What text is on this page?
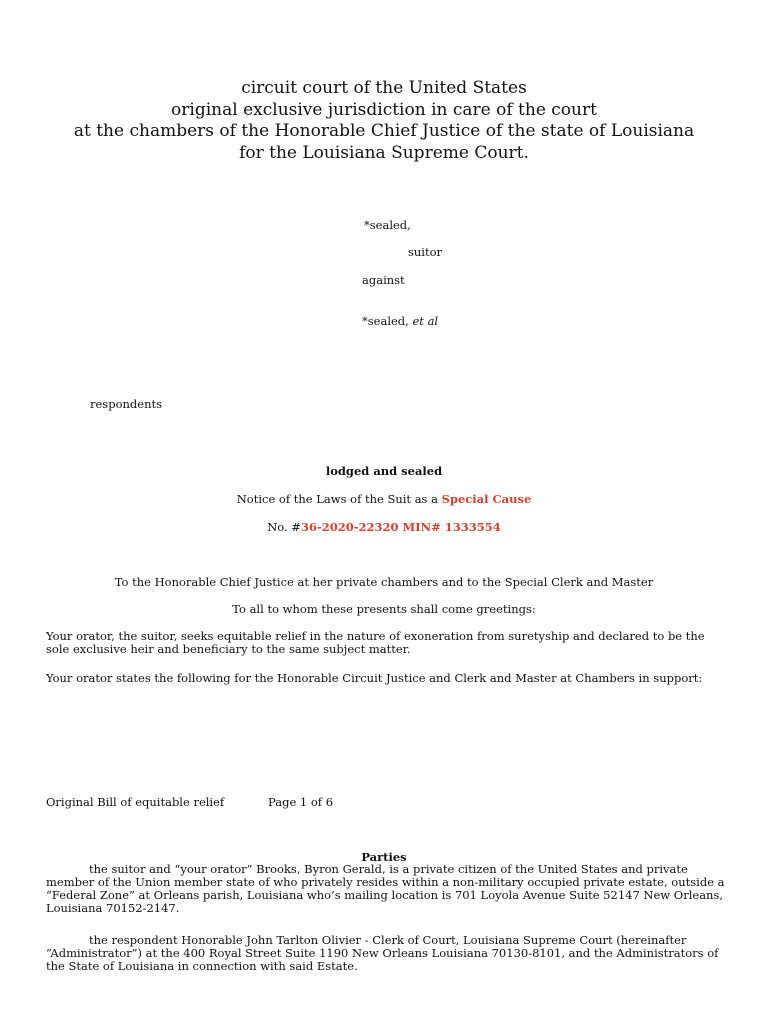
circuit court of the United States
original exclusive jurisdiction in care of the court
at the chambers of the Honorable Chief Justice of the state of Louisiana
for the Louisiana Supreme Court.
*sealed,
suitor
against
*sealed, et al
respondents
lodged and sealed
Notice of the Laws of the Suit as a Special Cause
No. #36-2020-22320 MIN# 1333554
To the Honorable Chief Justice at her private chambers and to the Special Clerk and Master
To all to whom these presents shall come greetings:
Your orator, the suitor, seeks equitable relief in the nature of exoneration from suretyship and declared to be the sole exclusive heir and beneficiary to the same subject matter.
Your orator states the following for the Honorable Circuit Justice and Clerk and Master at Chambers in support:
Original Bill of equitable relief	Page 1 of 6
Parties
the suitor and “your orator” Brooks, Byron Gerald, is a private citizen of the United States and private member of the Union member state of who privately resides within a non-military occupied private estate, outside a “Federal Zone” at Orleans parish, Louisiana who’s mailing location is 701 Loyola Avenue Suite 52147 New Orleans, Louisiana 70152-2147.
the respondent Honorable John Tarlton Olivier - Clerk of Court, Louisiana Supreme Court (hereinafter “Administrator”) at the 400 Royal Street Suite 1190 New Orleans Louisiana 70130-8101, and the Administrators of the State of Louisiana in connection with said Estate.
